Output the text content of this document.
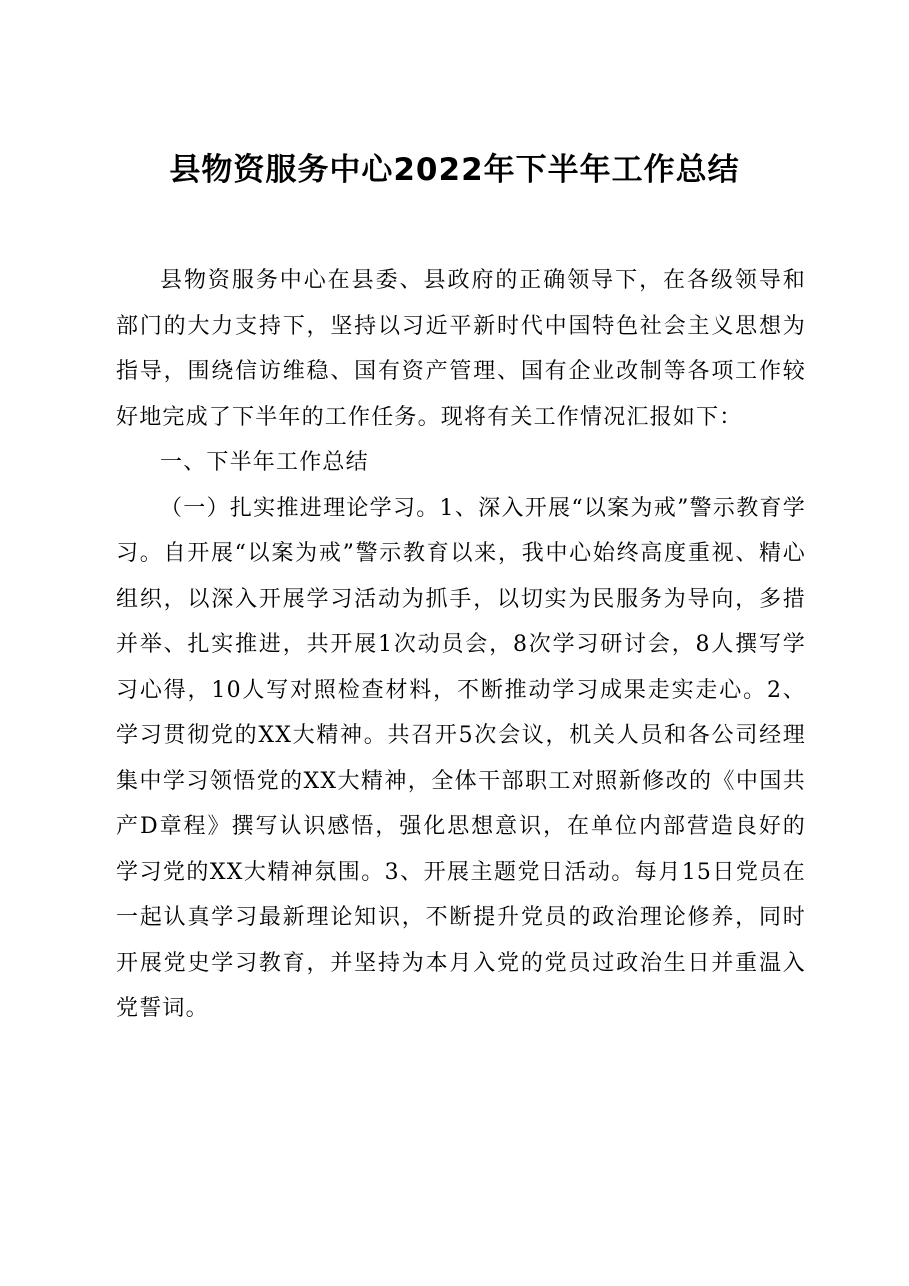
县物资服务中心2022年下半年工作总结

县物资服务中心在县委、县政府的正确领导下，在各级领导和部门的大力支持下，坚持以习近平新时代中国特色社会主义思想为指导，围绕信访维稳、国有资产管理、国有企业改制等各项工作较好地完成了下半年的工作任务。现将有关工作情况汇报如下：

一、下半年工作总结

（一）扎实推进理论学习。1、深入开展“以案为戒”警示教育学习。自开展“以案为戒”警示教育以来，我中心始终高度重视、精心组织，以深入开展学习活动为抓手，以切实为民服务为导向，多措并举、扎实推进，共开展1次动员会，8次学习研讨会，8人撰写学习心得，10人写对照检查材料，不断推动学习成果走实走心。2、学习贯彻党的XX大精神。共召开5次会议，机关人员和各公司经理集中学习领悟党的XX大精神，全体干部职工对照新修改的《中国共产D章程》撰写认识感悟，强化思想意识，在单位内部营造良好的学习党的XX大精神氛围。3、开展主题党日活动。每月15日党员在一起认真学习最新理论知识，不断提升党员的政治理论修养，同时开展党史学习教育，并坚持为本月入党的党员过政治生日并重温入党誓词。
